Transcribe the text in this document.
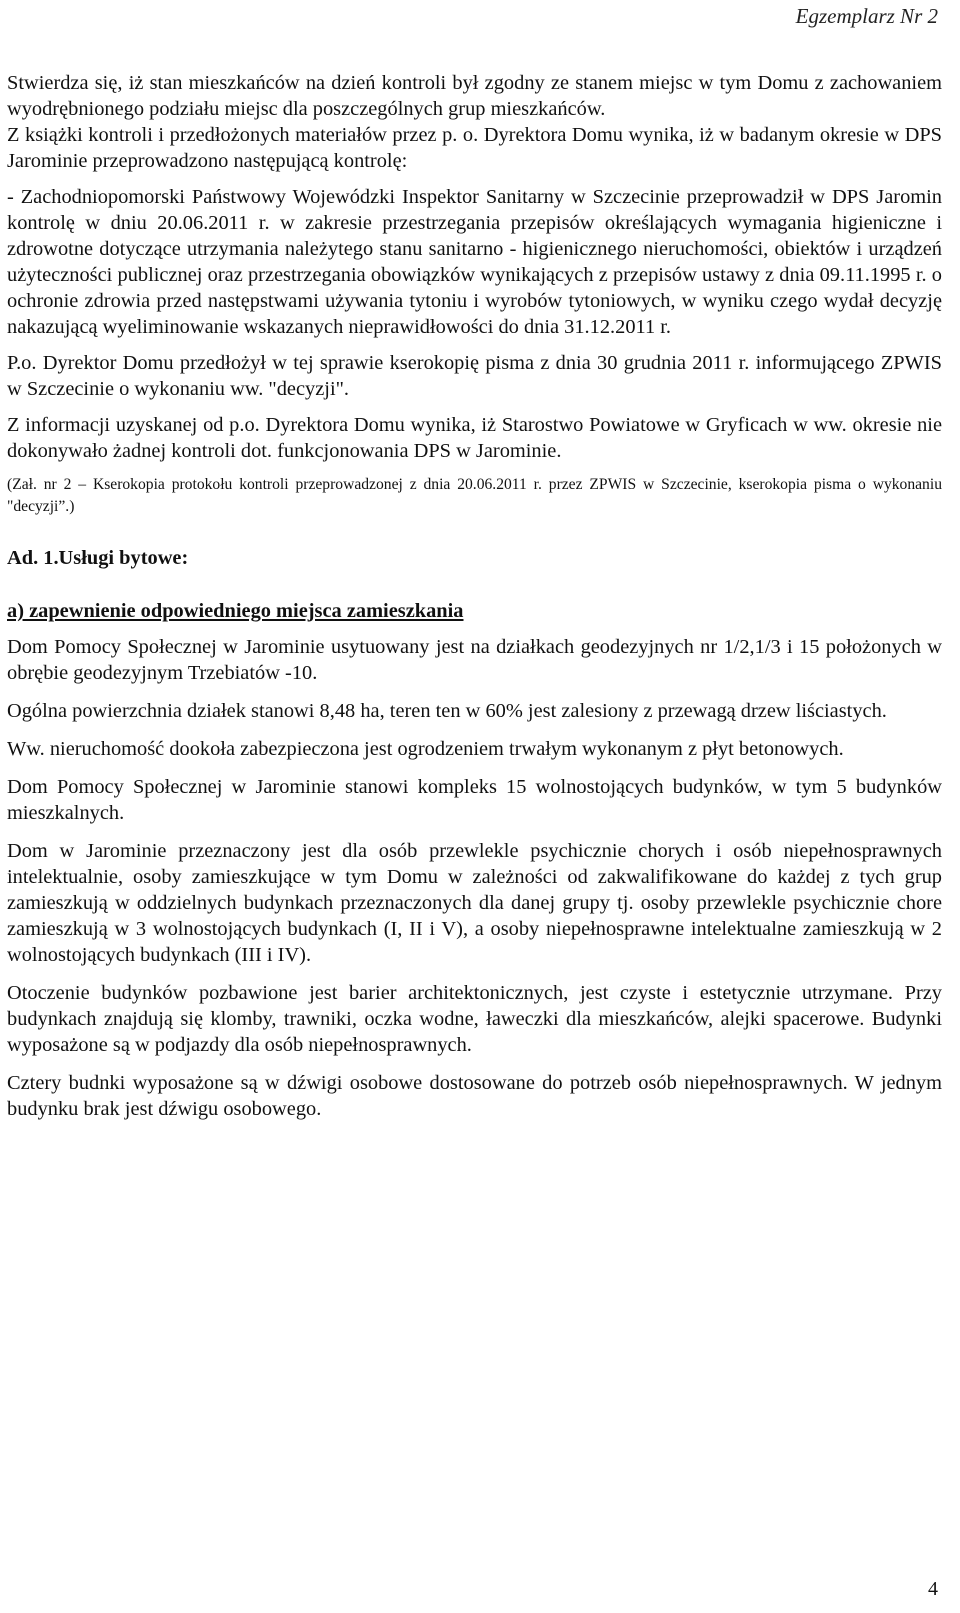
Egzemplarz Nr 2

Stwierdza się, iż stan mieszkańców na dzień kontroli był zgodny ze stanem miejsc w tym Domu z zachowaniem wyodrębnionego podziału miejsc dla poszczególnych grup mieszkańców.

Z książki kontroli i przedłożonych materiałów przez p. o. Dyrektora Domu wynika, iż w badanym okresie w DPS Jarominie przeprowadzono następującą kontrolę:

- Zachodniopomorski Państwowy Wojewódzki Inspektor Sanitarny w Szczecinie przeprowadził w DPS Jaromin kontrolę w dniu 20.06.2011 r. w zakresie przestrzegania przepisów określających wymagania higieniczne i zdrowotne dotyczące utrzymania należytego stanu sanitarno - higienicznego nieruchomości, obiektów i urządzeń użyteczności publicznej oraz przestrzegania obowiązków wynikających z przepisów ustawy z dnia 09.11.1995 r. o ochronie zdrowia przed następstwami używania tytoniu i wyrobów tytoniowych, w wyniku czego wydał decyzję nakazującą wyeliminowanie wskazanych nieprawidłowości do dnia 31.12.2011 r.

P.o. Dyrektor Domu przedłożył w tej sprawie kserokopię pisma z dnia 30 grudnia 2011 r. informującego ZPWIS w Szczecinie o wykonaniu ww. "decyzji".

Z informacji uzyskanej od p.o. Dyrektora Domu wynika, iż Starostwo Powiatowe w Gryficach w ww. okresie nie dokonywało żadnej kontroli dot. funkcjonowania DPS w Jarominie.

(Zał. nr 2 – Kserokopia protokołu kontroli przeprowadzonej z dnia 20.06.2011 r. przez ZPWIS w Szczecinie, kserokopia pisma o wykonaniu "decyzji”.)

Ad. 1.Usługi bytowe:

a) zapewnienie odpowiedniego miejsca zamieszkania

Dom Pomocy Społecznej w Jarominie usytuowany jest na działkach geodezyjnych nr 1/2,1/3 i 15 położonych w obrębie geodezyjnym Trzebiatów -10.

Ogólna powierzchnia działek stanowi 8,48 ha, teren ten w 60% jest zalesiony z przewagą drzew liściastych.

Ww. nieruchomość dookoła zabezpieczona jest ogrodzeniem trwałym wykonanym z płyt betonowych.

Dom Pomocy Społecznej w Jarominie stanowi kompleks 15 wolnostojących budynków, w tym 5 budynków mieszkalnych.

Dom w Jarominie przeznaczony jest dla osób przewlekle psychicznie chorych i osób niepełnosprawnych intelektualnie, osoby zamieszkujące w tym Domu w zależności od zakwalifikowane do każdej z tych grup zamieszkują w oddzielnych budynkach przeznaczonych dla danej grupy tj. osoby przewlekle psychicznie chore zamieszkują w 3 wolnostojących budynkach (I, II i V), a osoby niepełnosprawne intelektualne zamieszkują w 2 wolnostojących budynkach (III i IV).

Otoczenie budynków pozbawione jest barier architektonicznych, jest czyste i estetycznie utrzymane. Przy budynkach znajdują się klomby, trawniki, oczka wodne, ławeczki dla mieszkańców, alejki spacerowe. Budynki wyposażone są w podjazdy dla osób niepełnosprawnych.

Cztery budnki wyposażone są w dźwigi osobowe dostosowane do potrzeb osób niepełnosprawnych. W jednym budynku brak jest dźwigu osobowego.

4
